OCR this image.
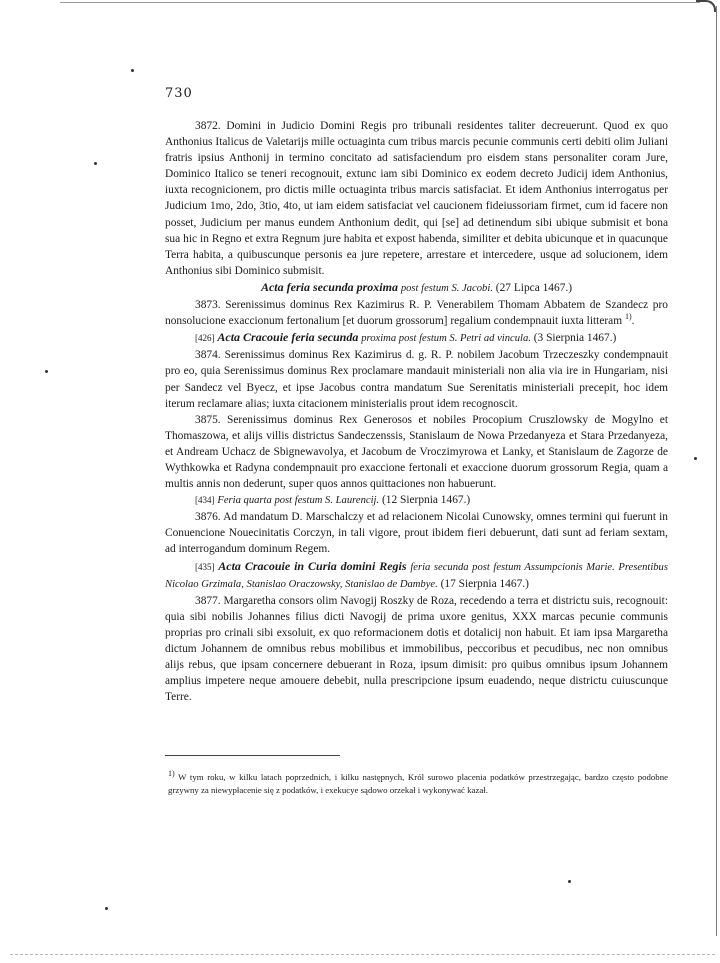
730

3872. Domini in Judicio Domini Regis pro tribunali residentes taliter decreuerunt. Quod ex quo Anthonius Italicus de Valetarijs mille octuaginta cum tribus marcis pecunie communis certi debiti olim Juliani fratris ipsius Anthonij in termino concitato ad satisfaciendum pro eisdem stans personaliter coram Jure, Dominico Italico se teneri recognouit, extunc iam sibi Dominico ex eodem decreto Judicij idem Anthonius, iuxta recognicionem, pro dictis mille octuaginta tribus marcis satisfaciat. Et idem Anthonius interrogatus per Judicium 1mo, 2do, 3tio, 4to, ut iam eidem satisfaciat vel caucionem fideiussoriam firmet, cum id facere non posset, Judicium per manus eundem Anthonium dedit, qui [se] ad detinendum sibi ubique submisit et bona sua hic in Regno et extra Regnum jure habita et expost habenda, similiter et debita ubicunque et in quacunque Terra habita, a quibuscunque personis ea jure repetere, arrestare et intercedere, usque ad solucionem, idem Anthonius sibi Dominico submisit.

Acta feria secunda proxima post festum S. Jacobi. (27 Lipca 1467.)

3873. Serenissimus dominus Rex Kazimirus R. P. Venerabilem Thomam Abbatem de Szandecz pro nonsolucione exaccionum fertonalium [et duorum grossorum] regalium condempnauit iuxta litteram $^{1)}$.

[426] Acta Cracouie feria secunda proxima post festum S. Petri ad vincula. (3 Sierpnia 1467.)

3874. Serenissimus dominus Rex Kazimirus d. g. R. P. nobilem Jacobum Trzeczeszky condempnauit pro eo, quia Serenissimus dominus Rex proclamare mandauit ministeriali non alia via ire in Hungariam, nisi per Sandecz vel Byecz, et ipse Jacobus contra mandatum Sue Serenitatis ministeriali precepit, hoc idem iterum reclamare alias; iuxta citacionem ministerialis prout idem recognoscit.

3875. Serenissimus dominus Rex Generosos et nobiles Procopium Cruszlowsky de Mogylno et Thomaszowa, et alijs villis districtus Sandeczenssis, Stanislaum de Nowa Przedanyeza et Stara Przedanyeza, et Andream Uchacz de Sbignewavolya, et Jacobum de Vroczimyrowa et Lanky, et Stanislaum de Zagorze de Wythkowka et Radyna condempnauit pro exaccione fertonali et exaccione duorum grossorum Regia, quam a multis annis non dederunt, super quos annos quittaciones non habuerunt.

[434] Feria quarta post festum S. Laurencij. (12 Sierpnia 1467.)

3876. Ad mandatum D. Marschalczy et ad relacionem Nicolai Cunowsky, omnes termini qui fuerunt in Conuencione Nouecinitatis Corczyn, in tali vigore, prout ibidem fieri debuerunt, dati sunt ad feriam sextam, ad interrogandum dominum Regem.

[435] Acta Cracouie in Curia domini Regis feria secunda post festum Assumpcionis Marie. Presentibus Nicolao Grzimala, Stanislao Oraczowsky, Stanislao de Dambye. (17 Sierpnia 1467.)

3877. Margaretha consors olim Navogij Roszky de Roza, recedendo a terra et districtu suis, recognouit: quia sibi nobilis Johannes filius dicti Navogij de prima uxore genitus, XXX marcas pecunie communis proprias pro crinali sibi exsoluit, ex quo reformacionem dotis et dotalicij non habuit. Et iam ipsa Margaretha dictum Johannem de omnibus rebus mobilibus et immobilibus, peccoribus et pecudibus, nec non omnibus alijs rebus, que ipsam concernere debuerant in Roza, ipsum dimisit: pro quibus omnibus ipsum Johannem amplius impetere neque amouere debebit, nulla prescripcione ipsum euadendo, neque districtu cuiuscunque Terre.

1) W tym roku, w kilku latach poprzednich, i kilku następnych, Król surowo placenia podatków przestrzegając, bardzo często podobne grzywny za niewypłacenie się z podatków, i exekucye sądowo orzekał i wykonywać kazał.
